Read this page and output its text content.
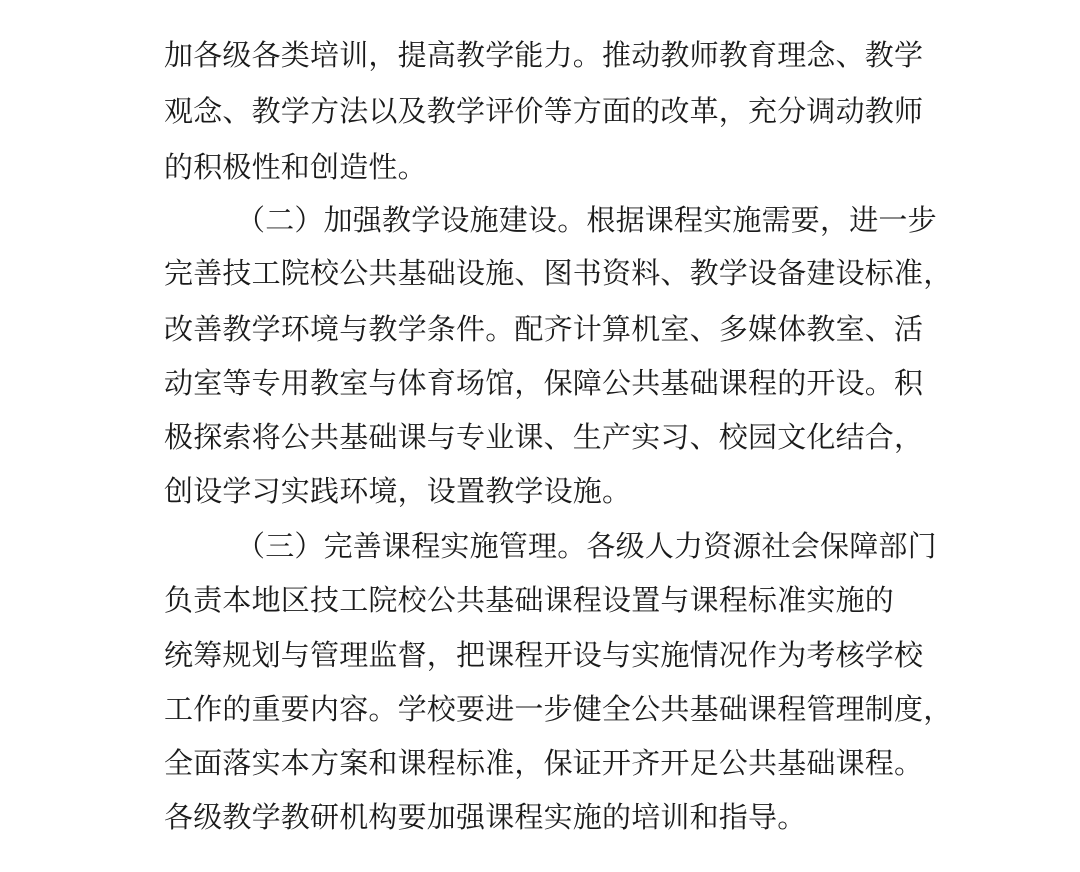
加各级各类培训，提高教学能力。推动教师教育理念、教学
观念、教学方法以及教学评价等方面的改革，充分调动教师
的积极性和创造性。
（二）加强教学设施建设。根据课程实施需要，进一步
完善技工院校公共基础设施、图书资料、教学设备建设标准，
改善教学环境与教学条件。配齐计算机室、多媒体教室、活
动室等专用教室与体育场馆，保障公共基础课程的开设。积
极探索将公共基础课与专业课、生产实习、校园文化结合，
创设学习实践环境，设置教学设施。
（三）完善课程实施管理。各级人力资源社会保障部门
负责本地区技工院校公共基础课程设置与课程标准实施的
统筹规划与管理监督，把课程开设与实施情况作为考核学校
工作的重要内容。学校要进一步健全公共基础课程管理制度，
全面落实本方案和课程标准，保证开齐开足公共基础课程。
各级教学教研机构要加强课程实施的培训和指导。
